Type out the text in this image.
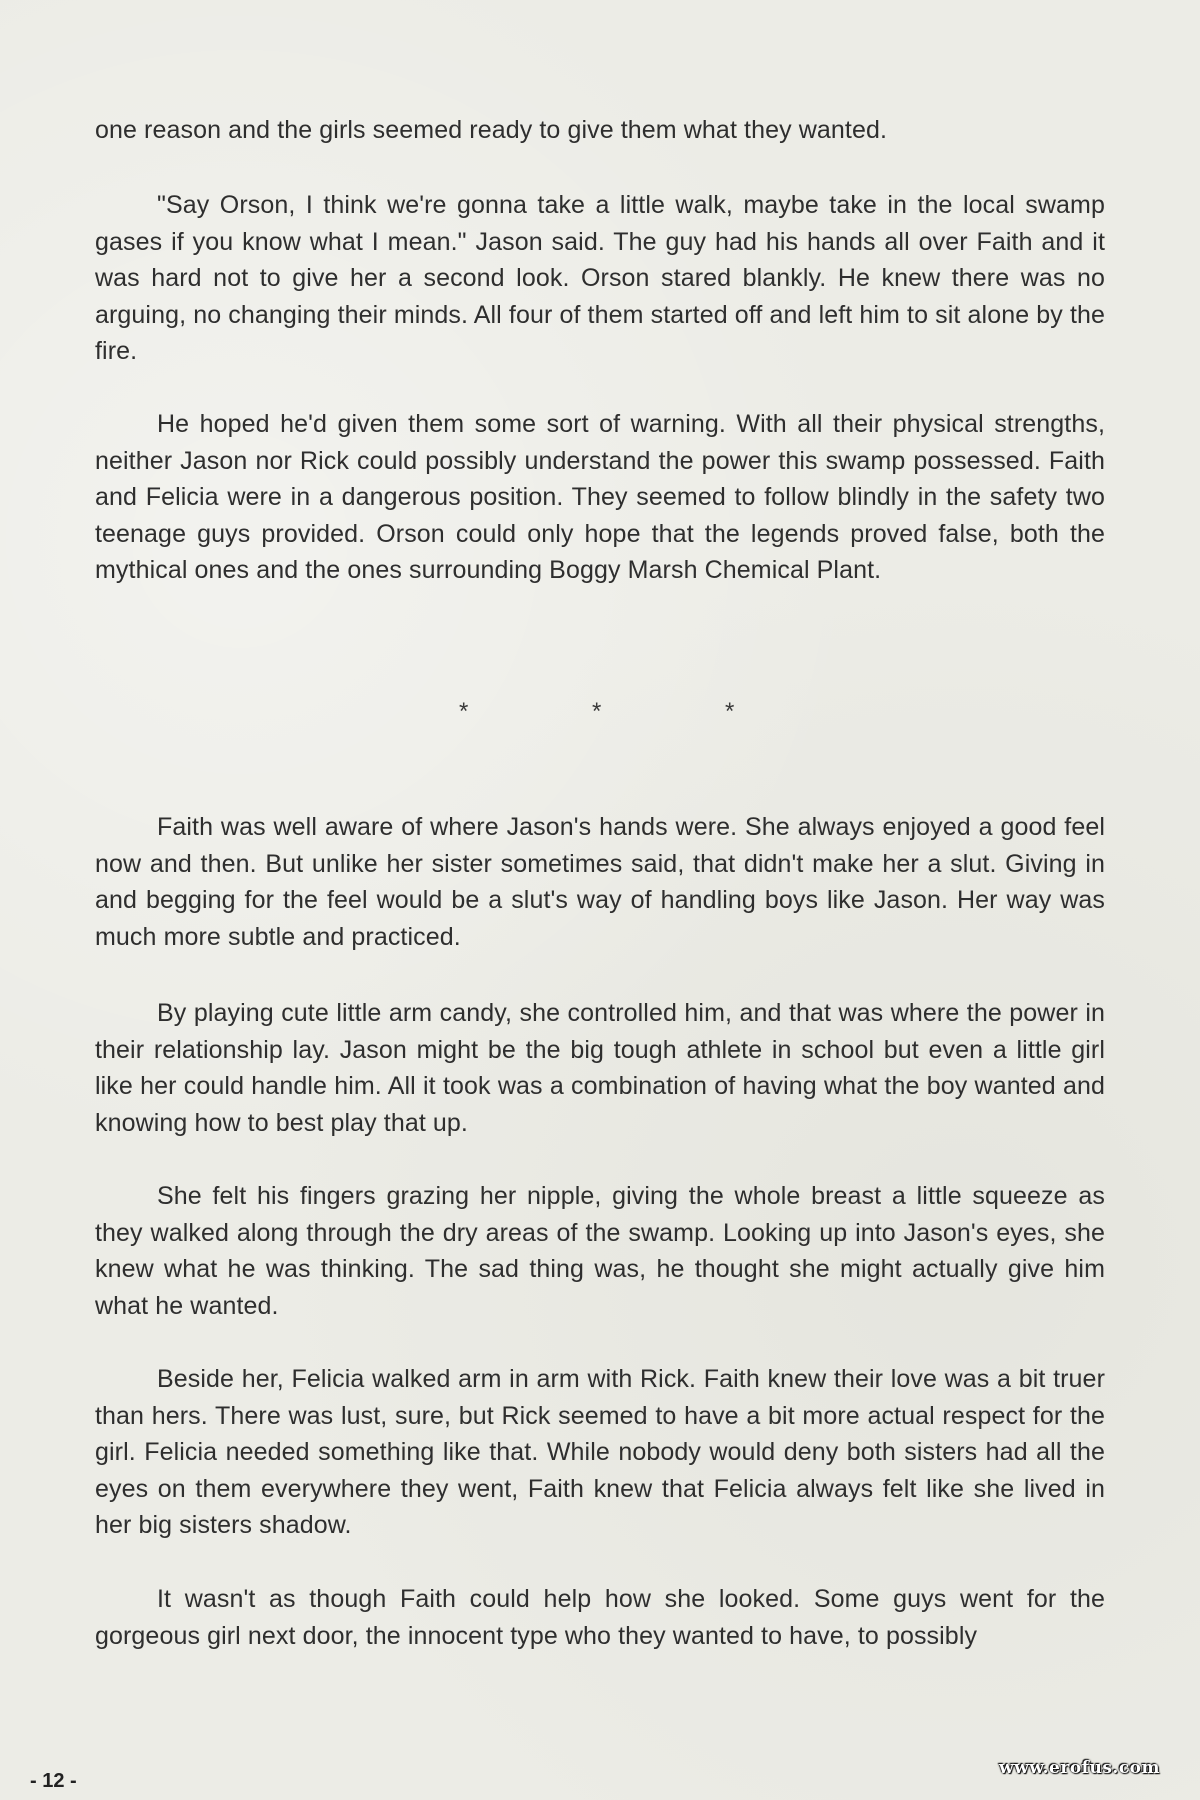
one reason and the girls seemed ready to give them what they wanted.

"Say Orson, I think we're gonna take a little walk, maybe take in the local swamp gases if you know what I mean." Jason said. The guy had his hands all over Faith and it was hard not to give her a second look. Orson stared blankly. He knew there was no arguing, no changing their minds. All four of them started off and left him to sit alone by the fire.

He hoped he'd given them some sort of warning. With all their physical strengths, neither Jason nor Rick could possibly understand the power this swamp possessed. Faith and Felicia were in a dangerous position. They seemed to follow blindly in the safety two teenage guys provided. Orson could only hope that the legends proved false, both the mythical ones and the ones surrounding Boggy Marsh Chemical Plant.

*	*	*

Faith was well aware of where Jason's hands were. She always enjoyed a good feel now and then. But unlike her sister sometimes said, that didn't make her a slut. Giving in and begging for the feel would be a slut's way of handling boys like Jason. Her way was much more subtle and practiced.

By playing cute little arm candy, she controlled him, and that was where the power in their relationship lay. Jason might be the big tough athlete in school but even a little girl like her could handle him. All it took was a combination of having what the boy wanted and knowing how to best play that up.

She felt his fingers grazing her nipple, giving the whole breast a little squeeze as they walked along through the dry areas of the swamp. Looking up into Jason's eyes, she knew what he was thinking. The sad thing was, he thought she might actually give him what he wanted.

Beside her, Felicia walked arm in arm with Rick. Faith knew their love was a bit truer than hers. There was lust, sure, but Rick seemed to have a bit more actual respect for the girl. Felicia needed something like that. While nobody would deny both sisters had all the eyes on them everywhere they went, Faith knew that Felicia always felt like she lived in her big sisters shadow.

It wasn't as though Faith could help how she looked. Some guys went for the gorgeous girl next door, the innocent type who they wanted to have, to possibly

- 12 -
www.erofus.com
